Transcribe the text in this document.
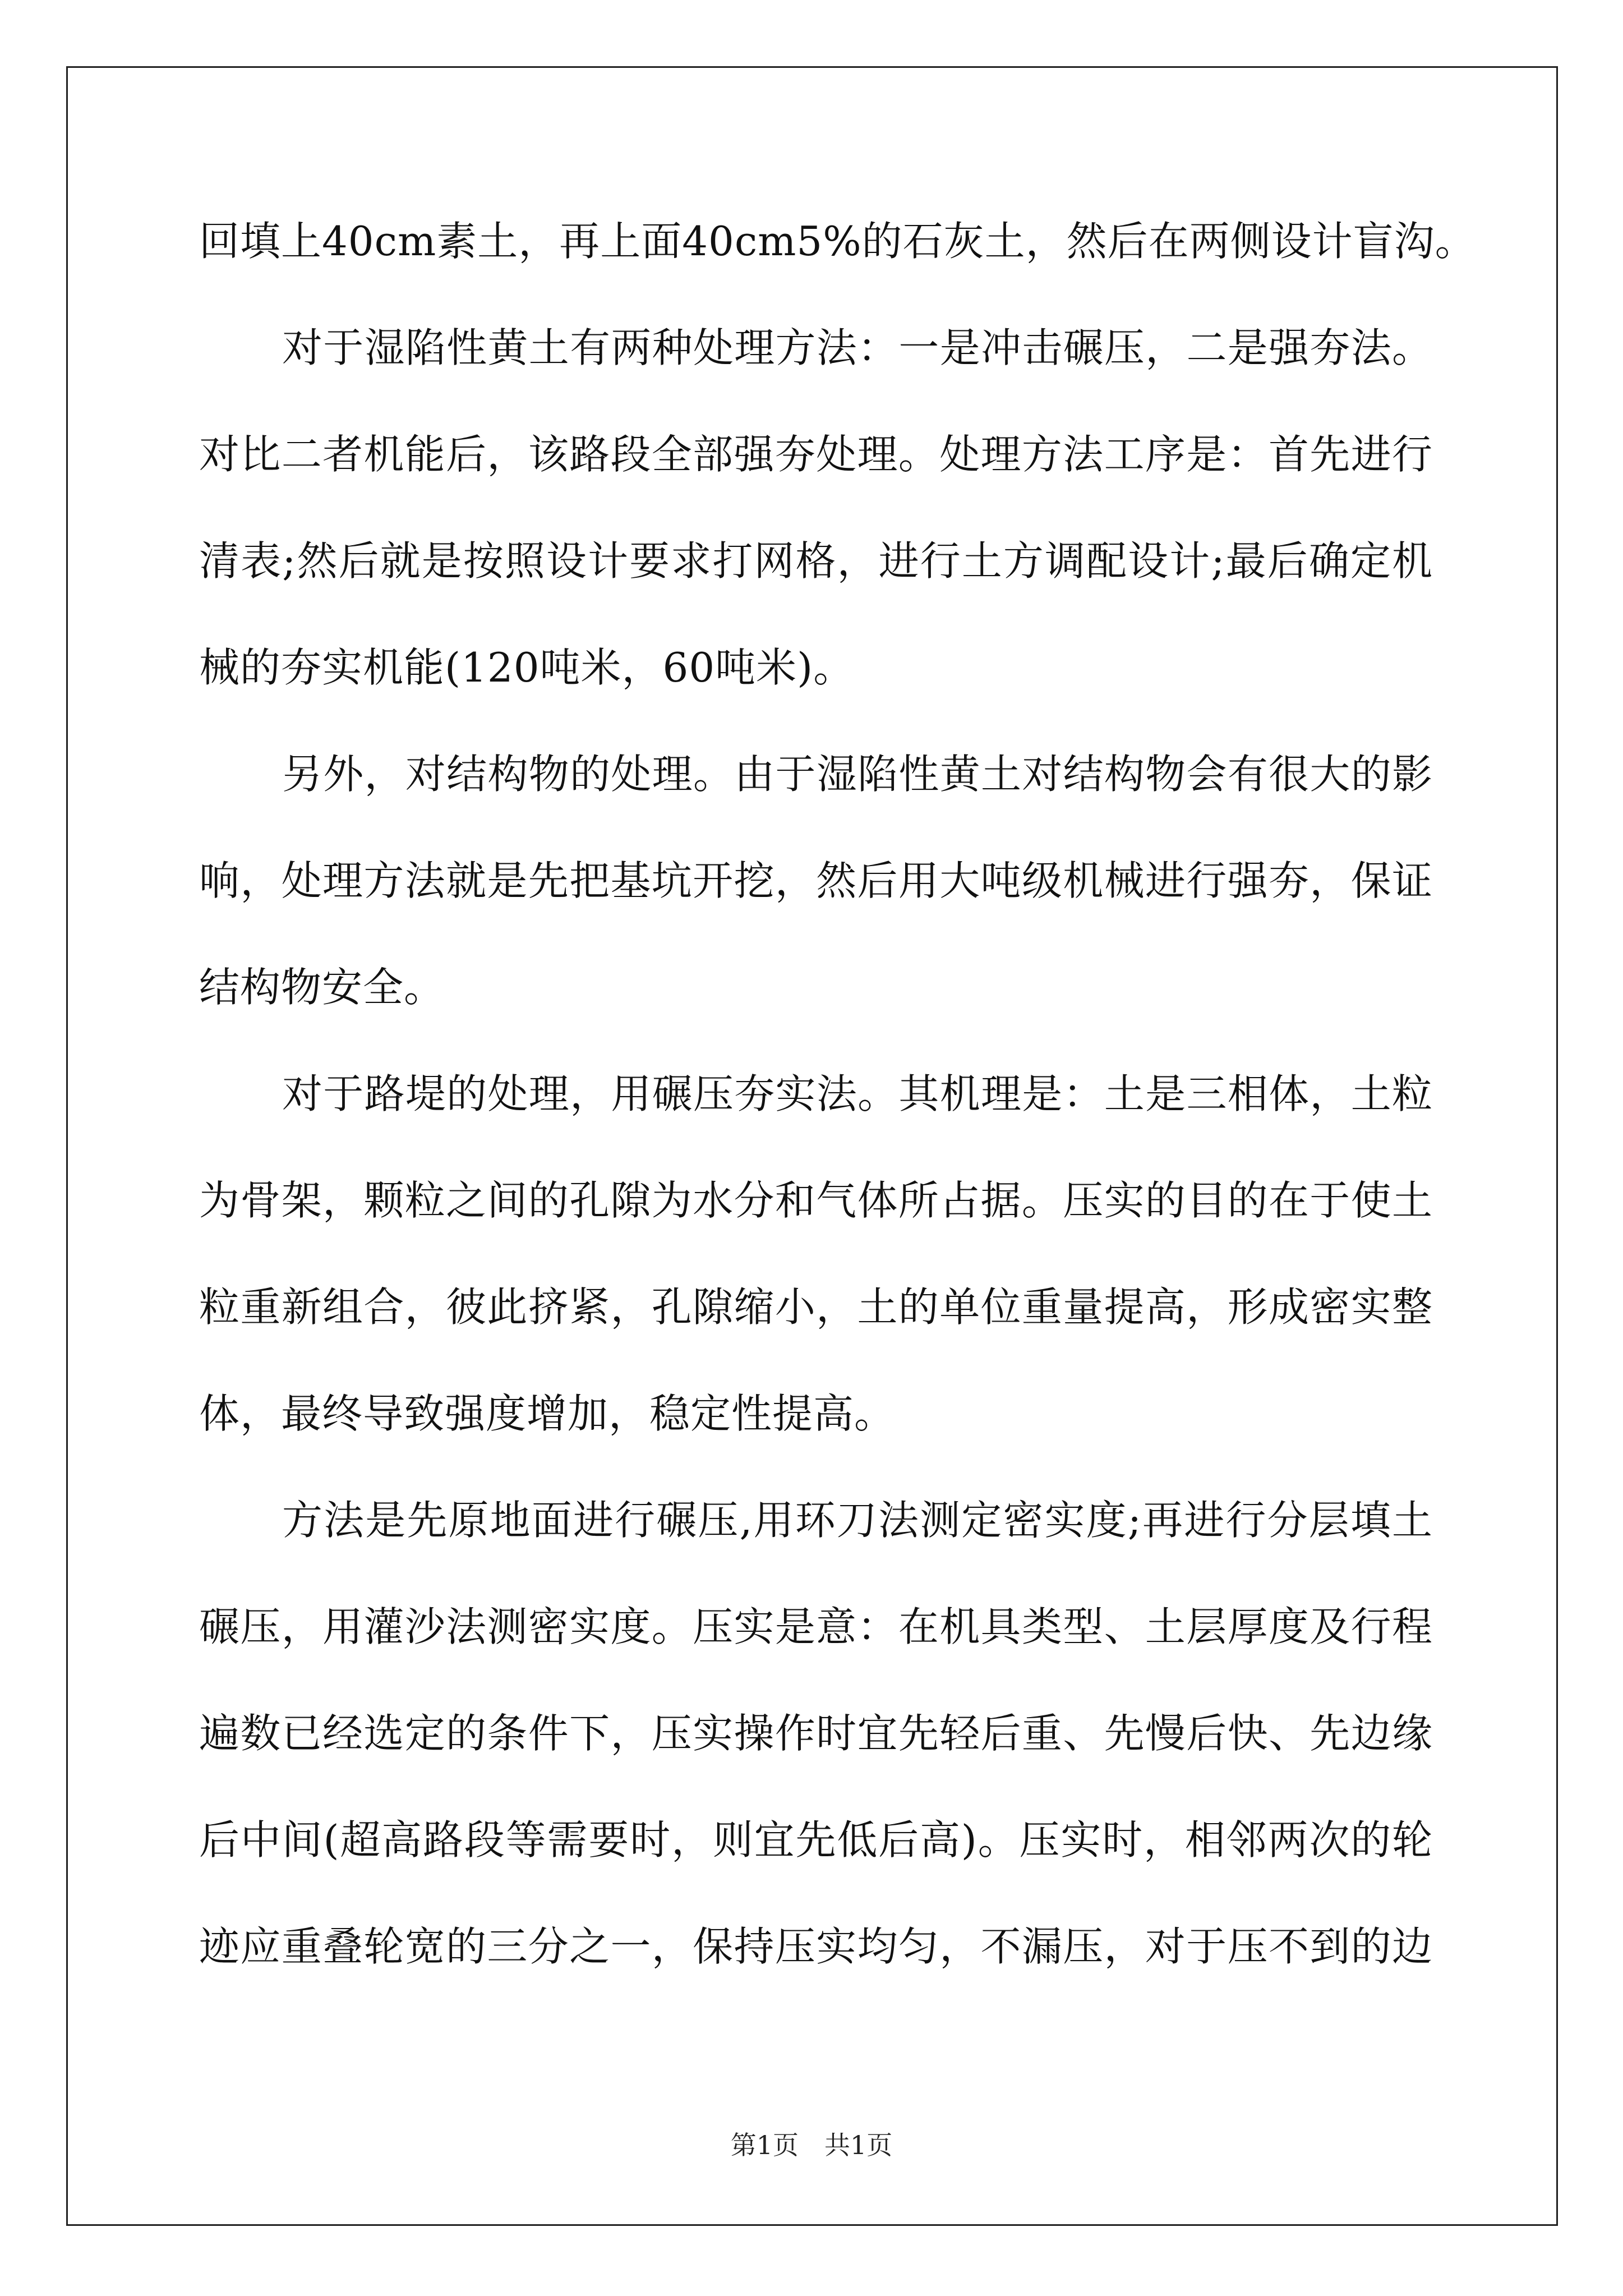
回填上40cm素土，再上面40cm5%的石灰土，然后在两侧设计盲沟。
对于湿陷性黄土有两种处理方法：一是冲击碾压，二是强夯法。
对比二者机能后，该路段全部强夯处理。处理方法工序是：首先进行
清表;然后就是按照设计要求打网格，进行土方调配设计;最后确定机
械的夯实机能(120吨米，60吨米)。
另外，对结构物的处理。由于湿陷性黄土对结构物会有很大的影
响，处理方法就是先把基坑开挖，然后用大吨级机械进行强夯，保证
结构物安全。
对于路堤的处理，用碾压夯实法。其机理是：土是三相体，土粒
为骨架，颗粒之间的孔隙为水分和气体所占据。压实的目的在于使土
粒重新组合，彼此挤紧，孔隙缩小，土的单位重量提高，形成密实整
体，最终导致强度增加，稳定性提高。
方法是先原地面进行碾压,用环刀法测定密实度;再进行分层填土
碾压，用灌沙法测密实度。压实是意：在机具类型、土层厚度及行程
遍数已经选定的条件下，压实操作时宜先轻后重、先慢后快、先边缘
后中间(超高路段等需要时，则宜先低后高)。压实时，相邻两次的轮
迹应重叠轮宽的三分之一，保持压实均匀，不漏压，对于压不到的边
第1页　共1页
